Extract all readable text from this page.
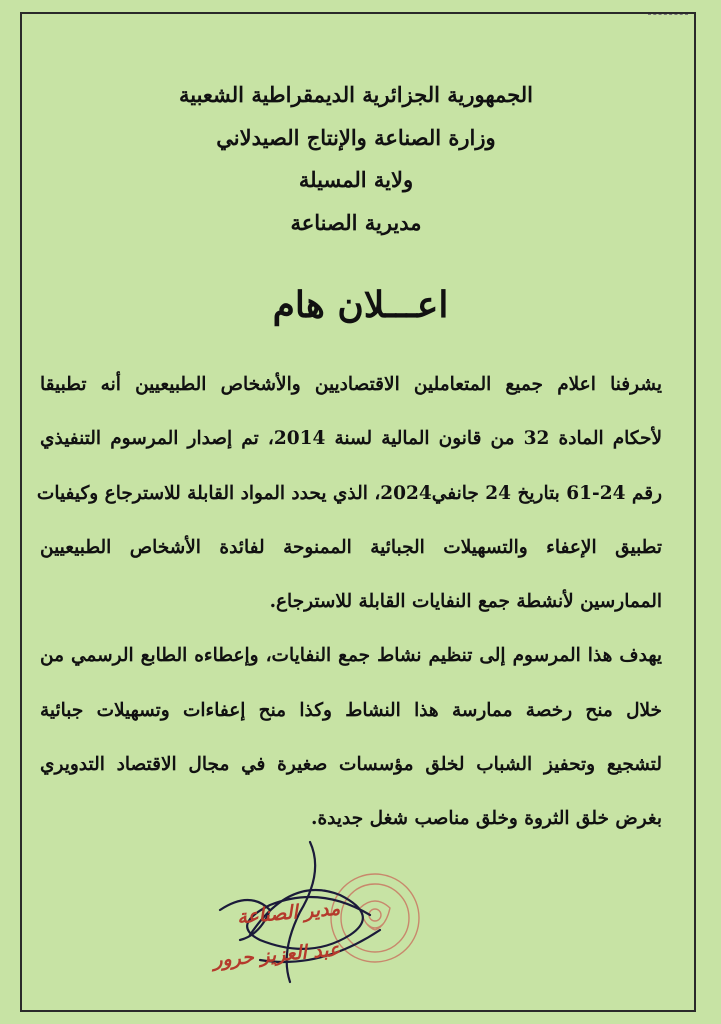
الجمهورية الجزائرية الديمقراطية الشعبية
وزارة الصناعة والإنتاج الصيدلاني
ولاية المسيلة
مديرية الصناعة
اعـــلان هام
يشرفنا اعلام جميع المتعاملين الاقتصاديين والأشخاص الطبيعيين أنه تطبيقا
لأحكام المادة 32 من قانون المالية لسنة 2014، تم إصدار المرسوم التنفيذي
رقم 24-61 بتاريخ 24 جانفي2024، الذي يحدد المواد القابلة للاسترجاع وكيفيات
تطبيق الإعفاء والتسهيلات الجبائية الممنوحة لفائدة الأشخاص الطبيعيين
الممارسين لأنشطة جمع النفايات القابلة للاسترجاع.
يهدف هذا المرسوم إلى تنظيم نشاط جمع النفايات، وإعطاءه الطابع الرسمي من
خلال منح رخصة ممارسة هذا النشاط وكذا منح إعفاءات وتسهيلات جبائية
لتشجيع وتحفيز الشباب لخلق مؤسسات صغيرة في مجال الاقتصاد التدويري
بغرض خلق الثروة وخلق مناصب شغل جديدة.
مدير الصناعة
عبد العزيز حرور
